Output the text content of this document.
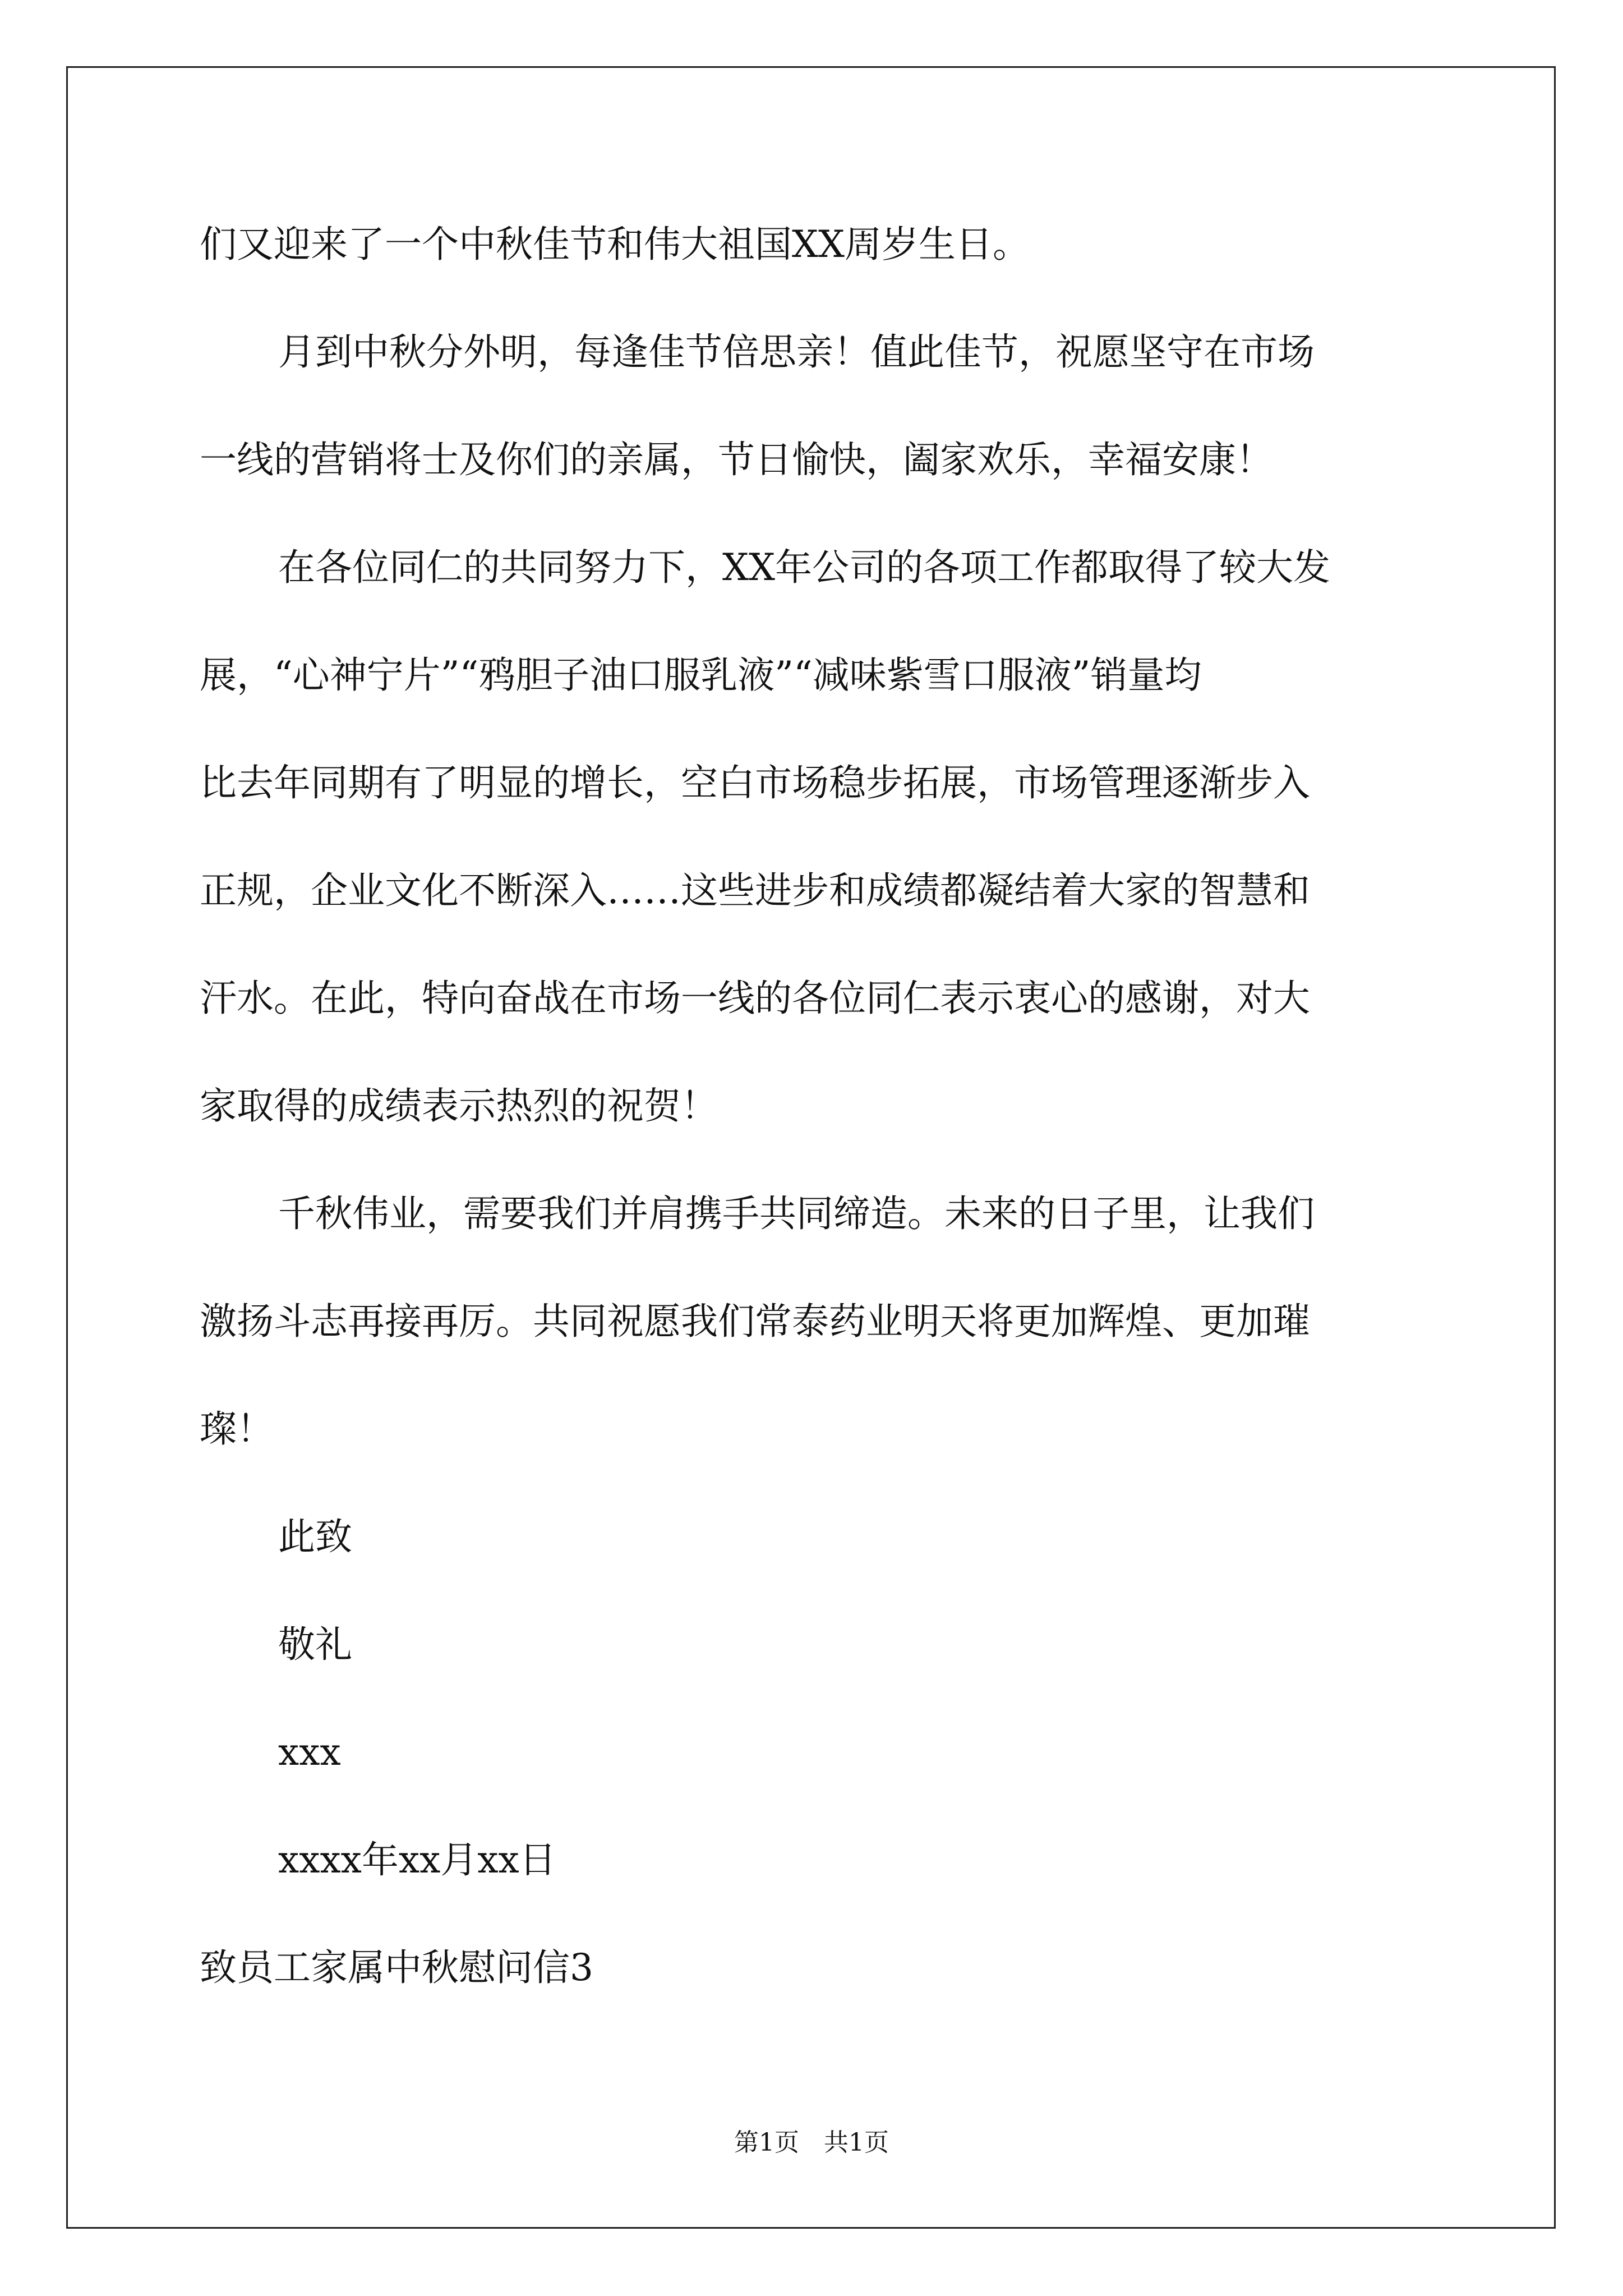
们又迎来了一个中秋佳节和伟大祖国XX周岁生日。
月到中秋分外明，每逢佳节倍思亲！值此佳节，祝愿坚守在市场
一线的营销将士及你们的亲属，节日愉快，阖家欢乐，幸福安康！
在各位同仁的共同努力下，XX年公司的各项工作都取得了较大发
展，“心神宁片”“鸦胆子油口服乳液”“减味紫雪口服液”销量均
比去年同期有了明显的增长，空白市场稳步拓展，市场管理逐渐步入
正规，企业文化不断深入……这些进步和成绩都凝结着大家的智慧和
汗水。在此，特向奋战在市场一线的各位同仁表示衷心的感谢，对大
家取得的成绩表示热烈的祝贺！
千秋伟业，需要我们并肩携手共同缔造。未来的日子里，让我们
激扬斗志再接再厉。共同祝愿我们常泰药业明天将更加辉煌、更加璀
璨！
此致
敬礼
xxx
xxxx年xx月xx日
致员工家属中秋慰问信3
第1页 共1页
